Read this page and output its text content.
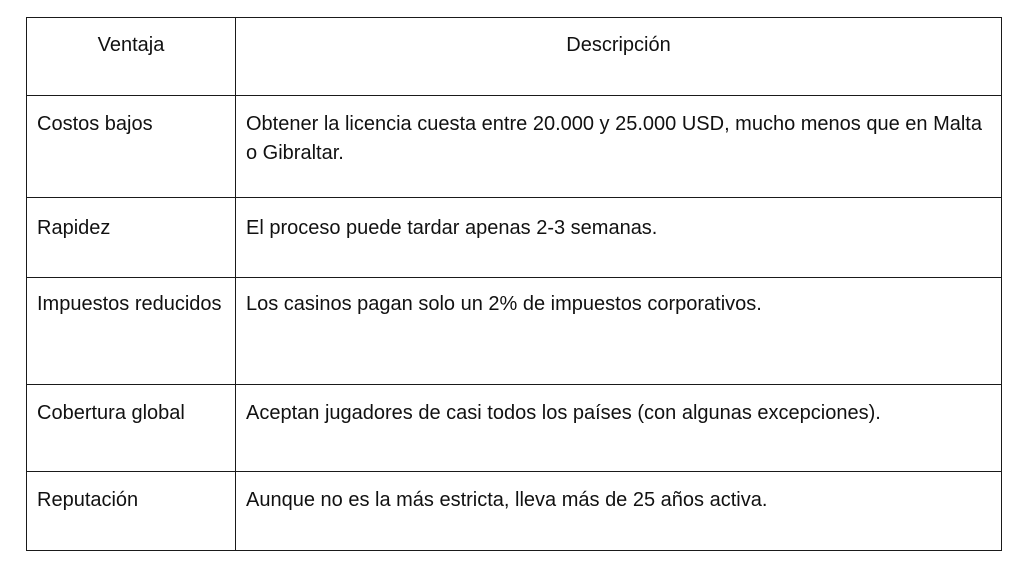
Ventaja	Descripción
Costos bajos	Obtener la licencia cuesta entre 20.000 y 25.000 USD, mucho menos que en Malta o Gibraltar.
Rapidez	El proceso puede tardar apenas 2-3 semanas.
Impuestos reducidos	Los casinos pagan solo un 2% de impuestos corporativos.
Cobertura global	Aceptan jugadores de casi todos los países (con algunas excepciones).
Reputación	Aunque no es la más estricta, lleva más de 25 años activa.
